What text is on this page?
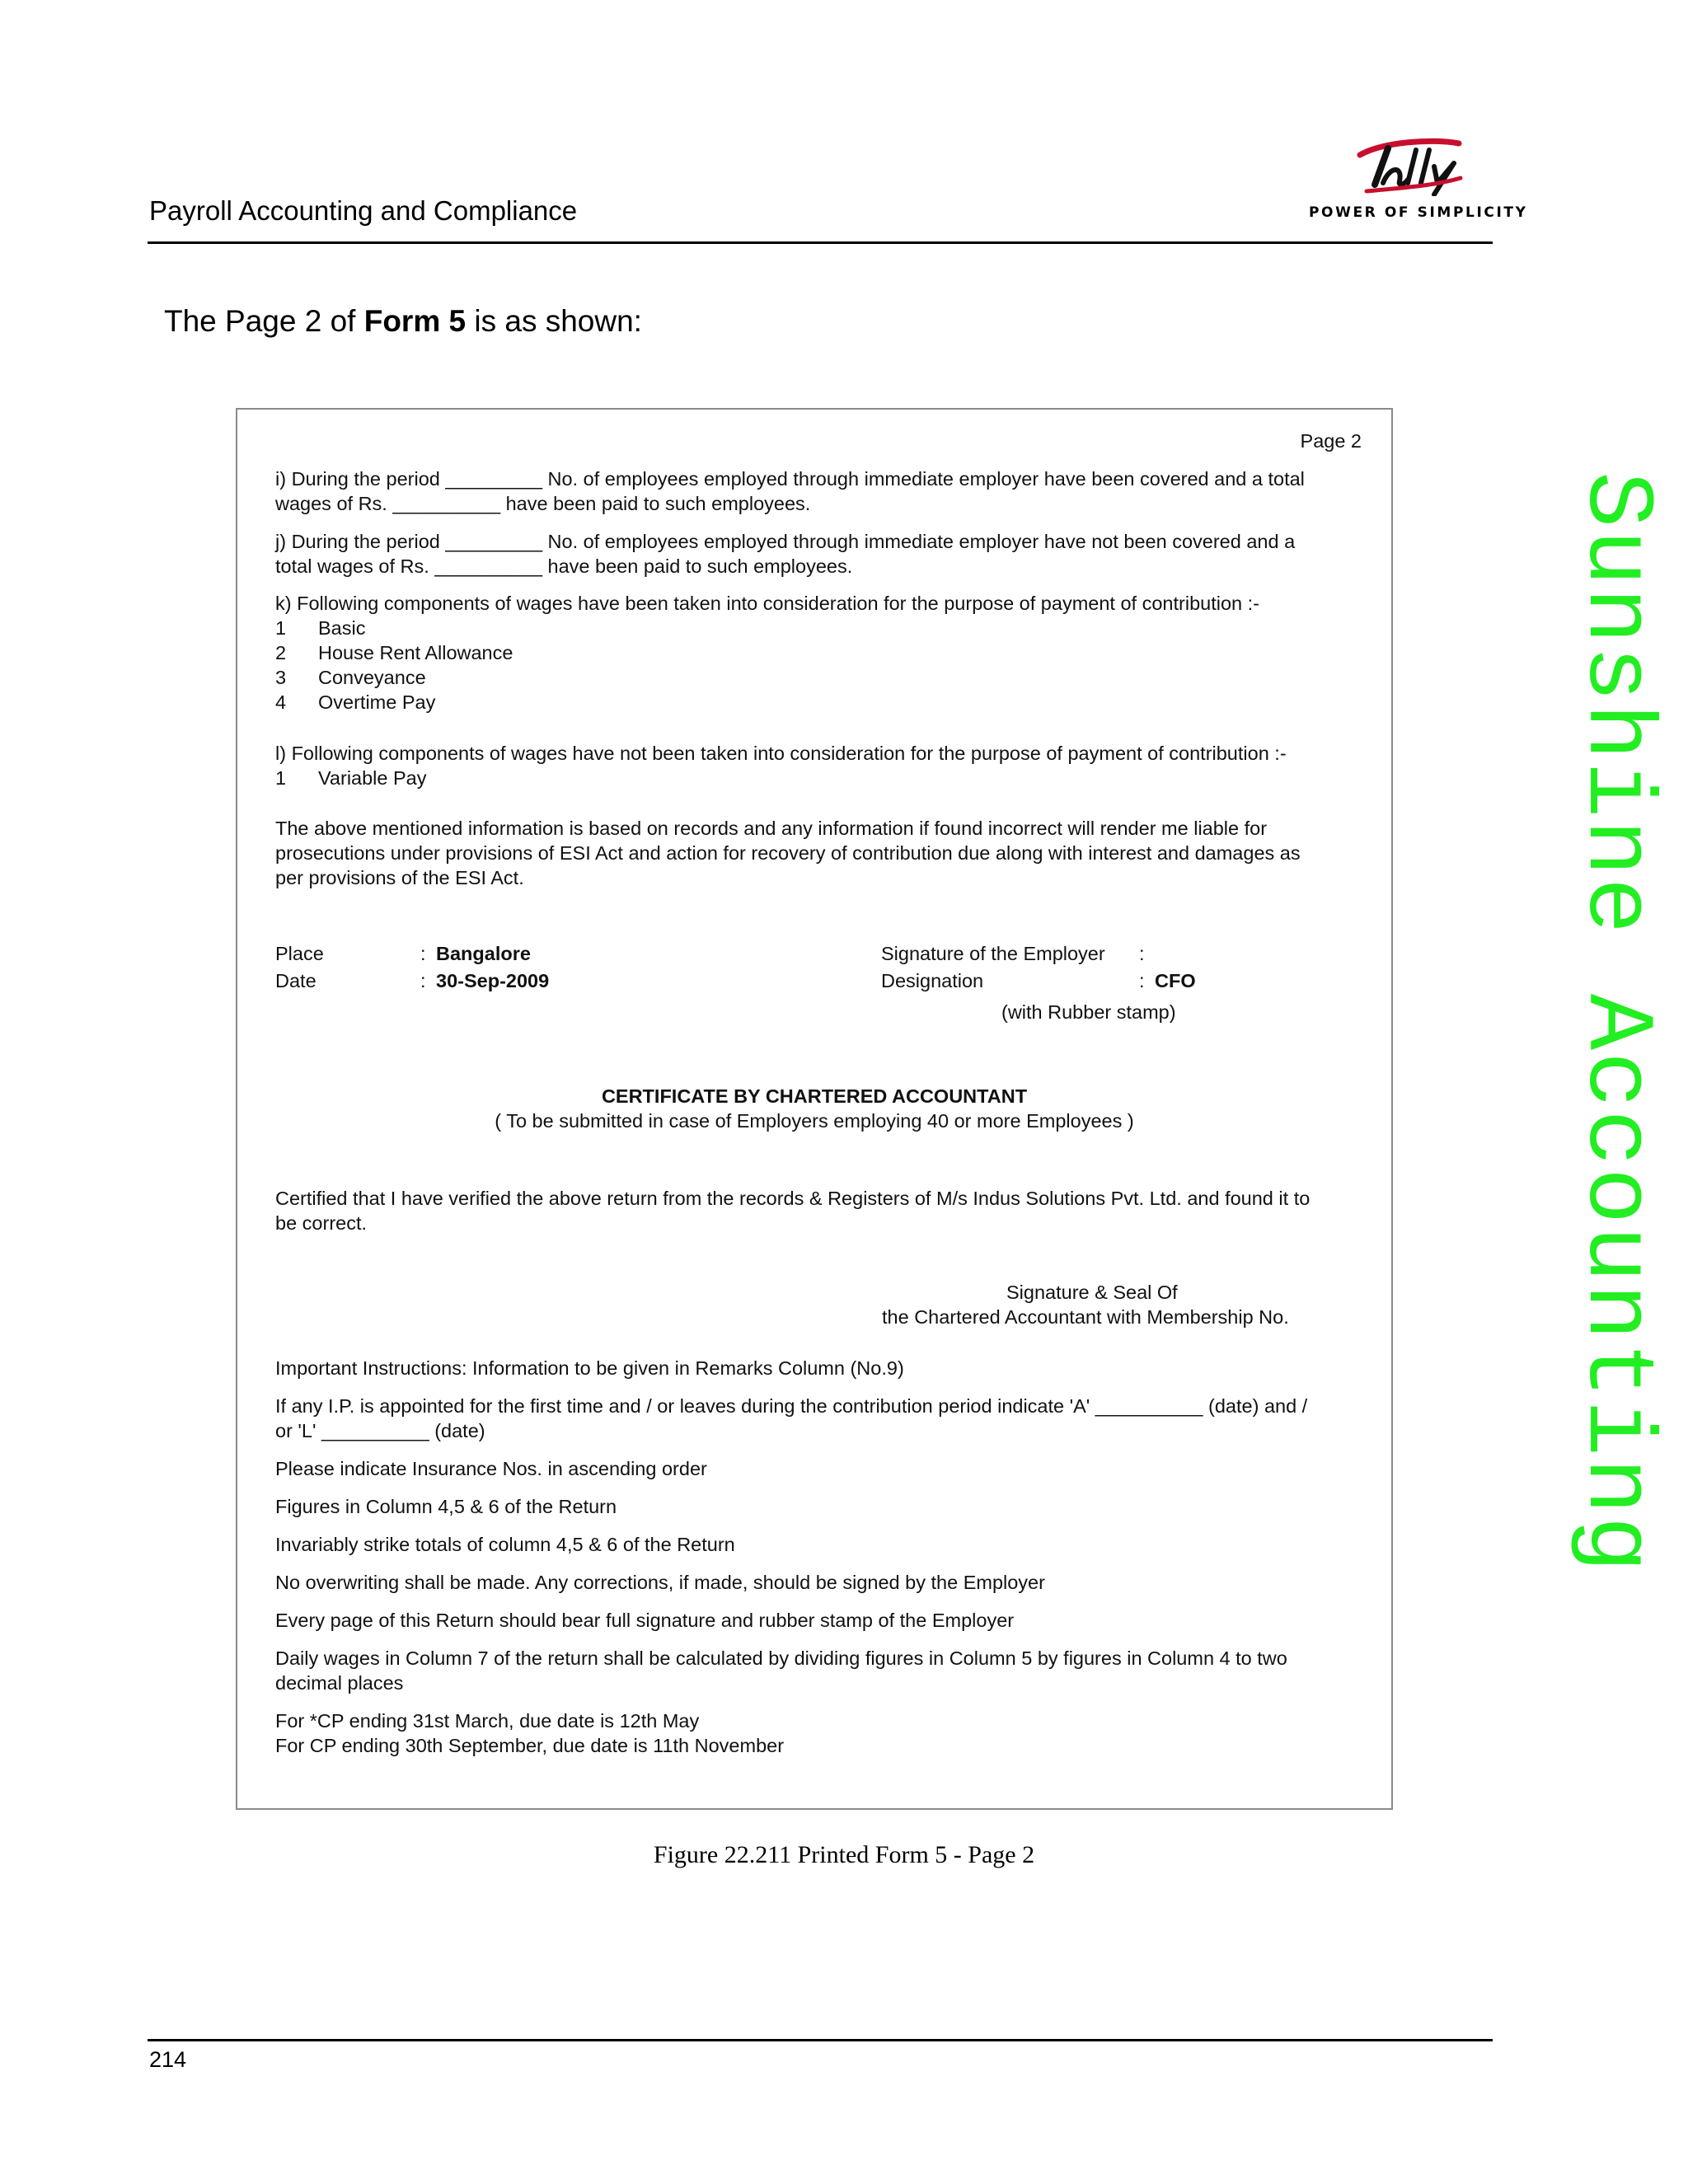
Payroll Accounting and Compliance	POWER OF SIMPLICITY
The Page 2 of Form 5 is as shown:
Page 2
i) During the period _________ No. of employees employed through immediate employer have been covered and a total
wages of Rs. __________ have been paid to such employees.
j) During the period _________ No. of employees employed through immediate employer have not been covered and a
total wages of Rs. __________ have been paid to such employees.
k) Following components of wages have been taken into consideration for the purpose of payment of contribution :-
1 Basic
2 House Rent Allowance
3 Conveyance
4 Overtime Pay
l) Following components of wages have not been taken into consideration for the purpose of payment of contribution :-
1 Variable Pay
The above mentioned information is based on records and any information if found incorrect will render me liable for
prosecutions under provisions of ESI Act and action for recovery of contribution due along with interest and damages as
per provisions of the ESI Act.
Place	: Bangalore
Date	: 30-Sep-2009
Signature of the Employer :
Designation	: CFO
(with Rubber stamp)
CERTIFICATE BY CHARTERED ACCOUNTANT
( To be submitted in case of Employers employing 40 or more Employees )
Certified that I have verified the above return from the records & Registers of M/s Indus Solutions Pvt. Ltd. and found it to
be correct.
Signature & Seal Of
the Chartered Accountant with Membership No.
Important Instructions: Information to be given in Remarks Column (No.9)
If any I.P. is appointed for the first time and / or leaves during the contribution period indicate 'A' __________ (date) and /
or 'L' __________ (date)
Please indicate Insurance Nos. in ascending order
Figures in Column 4,5 & 6 of the Return
Invariably strike totals of column 4,5 & 6 of the Return
No overwriting shall be made. Any corrections, if made, should be signed by the Employer
Every page of this Return should bear full signature and rubber stamp of the Employer
Daily wages in Column 7 of the return shall be calculated by dividing figures in Column 5 by figures in Column 4 to two
decimal places
For *CP ending 31st March, due date is 12th May
For CP ending 30th September, due date is 11th November
Figure 22.211 Printed Form 5 - Page 2
214
Sunshine Accounting
